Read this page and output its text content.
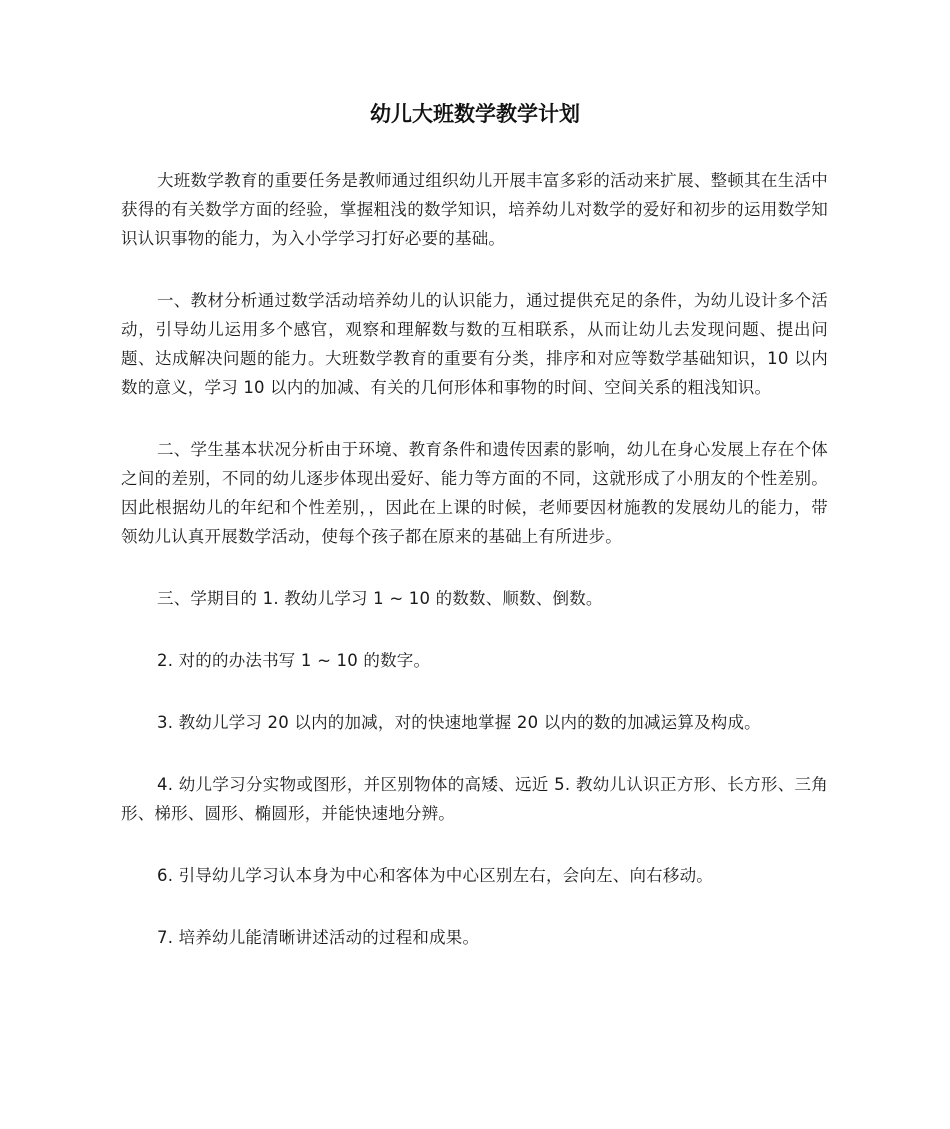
幼儿大班数学教学计划

大班数学教育的重要任务是教师通过组织幼儿开展丰富多彩的活动来扩展、整顿其在生活中获得的有关数学方面的经验，掌握粗浅的数学知识，培养幼儿对数学的爱好和初步的运用数学知识认识事物的能力，为入小学学习打好必要的基础。

一、教材分析通过数学活动培养幼儿的认识能力，通过提供充足的条件，为幼儿设计多个活动，引导幼儿运用多个感官，观察和理解数与数的互相联系，从而让幼儿去发现问题、提出问题、达成解决问题的能力。大班数学教育的重要有分类，排序和对应等数学基础知识，10 以内数的意义，学习 10 以内的加减、有关的几何形体和事物的时间、空间关系的粗浅知识。

二、学生基本状况分析由于环境、教育条件和遗传因素的影响，幼儿在身心发展上存在个体之间的差别，不同的幼儿逐步体现出爱好、能力等方面的不同，这就形成了小朋友的个性差别。因此根据幼儿的年纪和个性差别，，因此在上课的时候，老师要因材施教的发展幼儿的能力，带领幼儿认真开展数学活动，使每个孩子都在原来的基础上有所进步。

三、学期目的 1. 教幼儿学习 1 ~ 10 的数数、顺数、倒数。

2. 对的的办法书写 1 ~ 10 的数字。

3. 教幼儿学习 20 以内的加减，对的快速地掌握 20 以内的数的加减运算及构成。

4. 幼儿学习分实物或图形，并区别物体的高矮、远近 5. 教幼儿认识正方形、长方形、三角形、梯形、圆形、椭圆形，并能快速地分辨。

6. 引导幼儿学习认本身为中心和客体为中心区别左右，会向左、向右移动。

7. 培养幼儿能清晰讲述活动的过程和成果。
